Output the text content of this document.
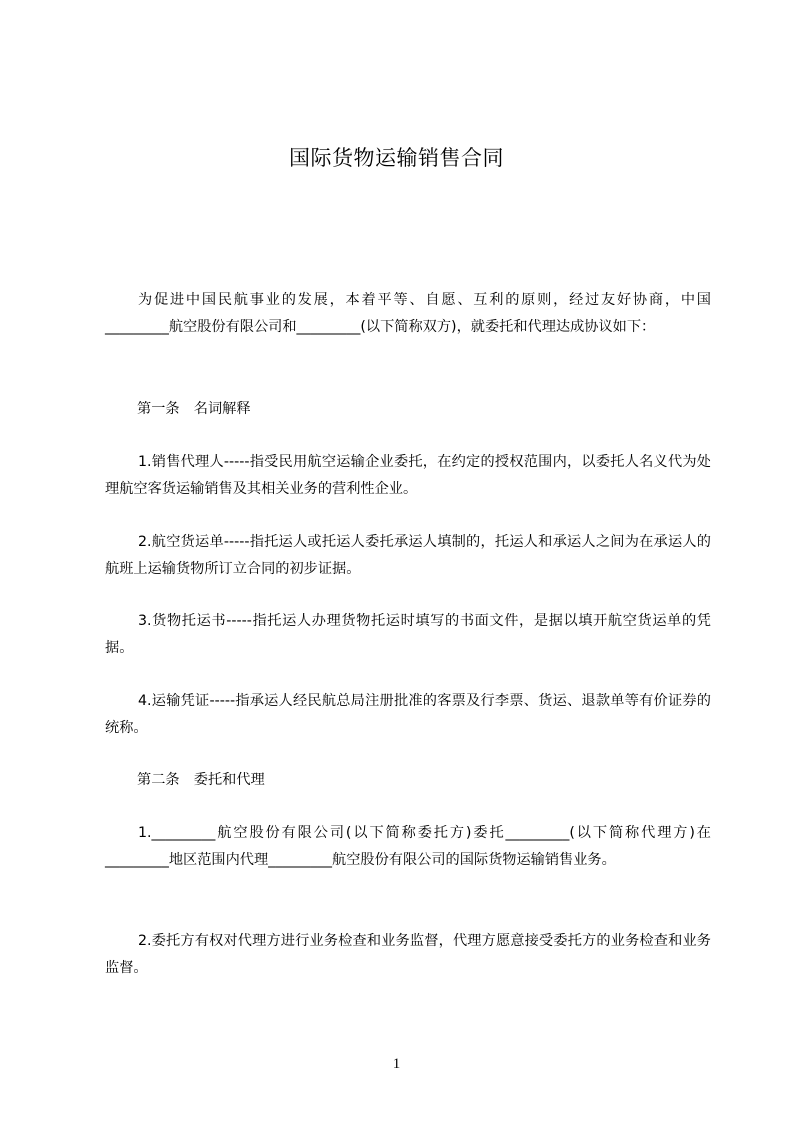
国际货物运输销售合同

为促进中国民航事业的发展，本着平等、自愿、互利的原则，经过友好协商，中国_________航空股份有限公司和_________(以下简称双方)，就委托和代理达成协议如下：

第一条　名词解释

1.销售代理人-----指受民用航空运输企业委托，在约定的授权范围内，以委托人名义代为处理航空客货运输销售及其相关业务的营利性企业。

2.航空货运单-----指托运人或托运人委托承运人填制的，托运人和承运人之间为在承运人的航班上运输货物所订立合同的初步证据。

3.货物托运书-----指托运人办理货物托运时填写的书面文件，是据以填开航空货运单的凭据。

4.运输凭证-----指承运人经民航总局注册批准的客票及行李票、货运、退款单等有价证券的统称。

第二条　委托和代理

1._________航空股份有限公司(以下简称委托方)委托_________(以下简称代理方)在_________地区范围内代理_________航空股份有限公司的国际货物运输销售业务。

2.委托方有权对代理方进行业务检查和业务监督，代理方愿意接受委托方的业务检查和业务监督。

1
